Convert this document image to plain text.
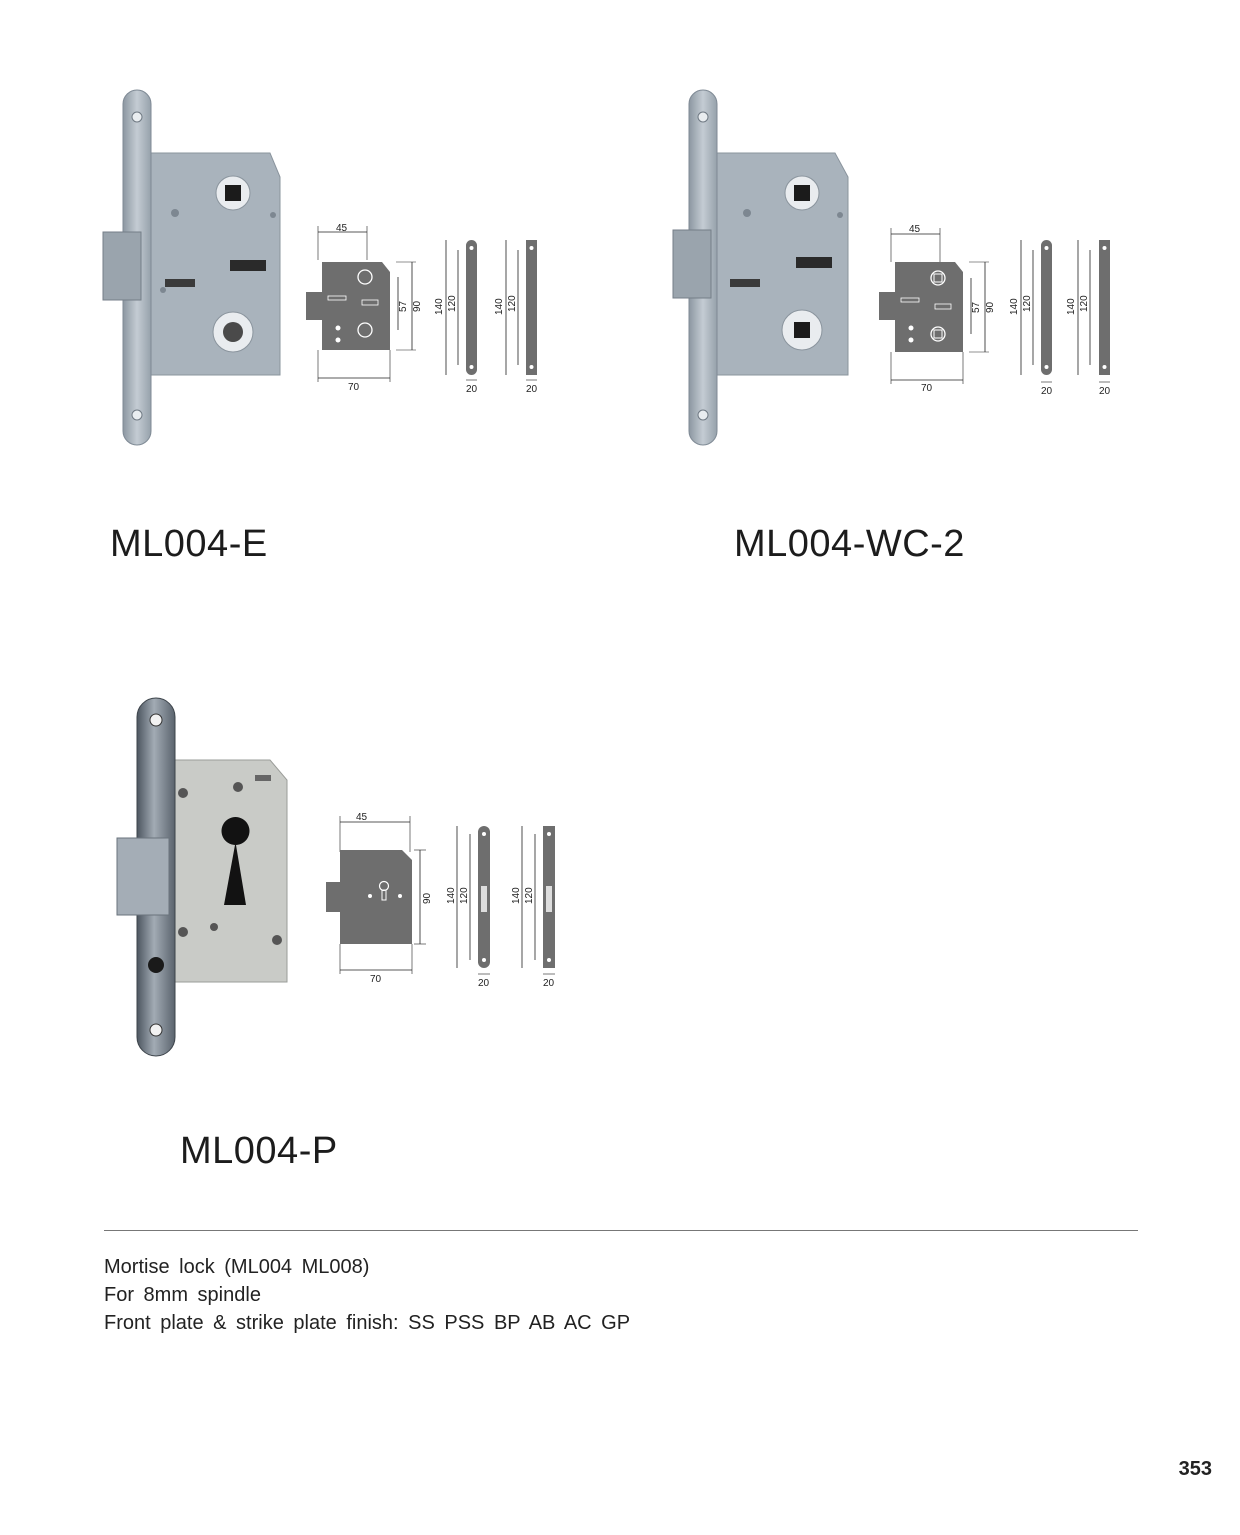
45
70
57 90 140 120
20
140 120
20
ML004-E
45
70
57 90 140 120
20
140 120
20
ML004-WC-2
45
70
90 140 120
20
140 120
20
ML004-P
Mortise lock (ML004 ML008)
For 8mm spindle
Front plate & strike plate finish: SS PSS BP AB AC GP
353
